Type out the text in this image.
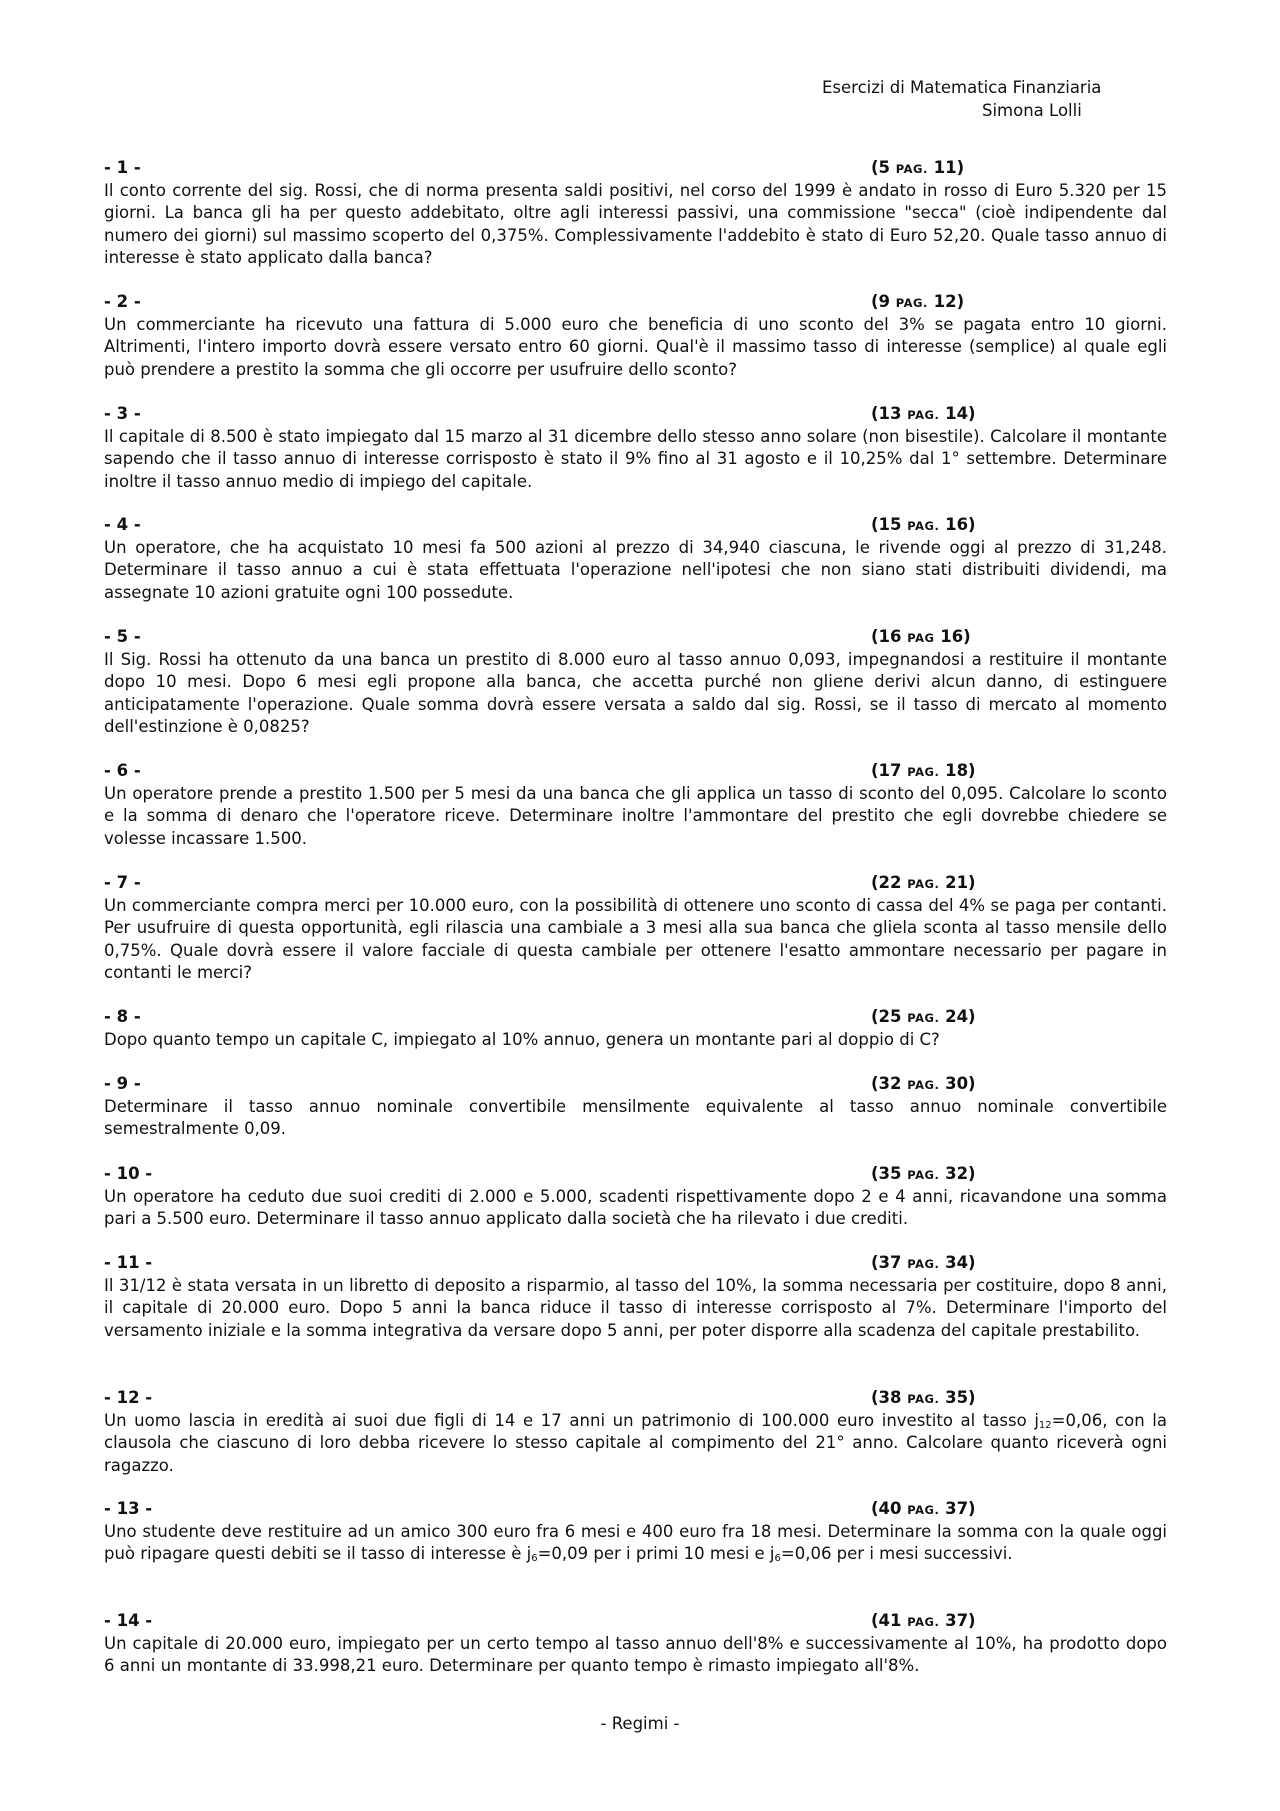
Esercizi di Matematica Finanziaria
Simona Lolli
- 1 -	(5 PAG. 11)
Il conto corrente del sig. Rossi, che di norma presenta saldi positivi, nel corso del 1999 è andato in rosso di Euro 5.320 per 15 giorni. La banca gli ha per questo addebitato, oltre agli interessi passivi, una commissione "secca" (cioè indipendente dal numero dei giorni) sul massimo scoperto del 0,375%. Complessivamente l'addebito è stato di Euro 52,20. Quale tasso annuo di interesse è stato applicato dalla banca?
- 2 -	(9 PAG. 12)
Un commerciante ha ricevuto una fattura di 5.000 euro che beneficia di uno sconto del 3% se pagata entro 10 giorni. Altrimenti, l'intero importo dovrà essere versato entro 60 giorni. Qual'è il massimo tasso di interesse (semplice) al quale egli può prendere a prestito la somma che gli occorre per usufruire dello sconto?
- 3 -	(13 PAG. 14)
Il capitale di 8.500 è stato impiegato dal 15 marzo al 31 dicembre dello stesso anno solare (non bisestile). Calcolare il montante sapendo che il tasso annuo di interesse corrisposto è stato il 9% fino al 31 agosto e il 10,25% dal 1° settembre. Determinare inoltre il tasso annuo medio di impiego del capitale.
- 4 -	(15 PAG. 16)
Un operatore, che ha acquistato 10 mesi fa 500 azioni al prezzo di 34,940 ciascuna, le rivende oggi al prezzo di 31,248. Determinare il tasso annuo a cui è stata effettuata l'operazione nell'ipotesi che non siano stati distribuiti dividendi, ma assegnate 10 azioni gratuite ogni 100 possedute.
- 5 -	(16 PAG 16)
Il Sig. Rossi ha ottenuto da una banca un prestito di 8.000 euro al tasso annuo 0,093, impegnandosi a restituire il montante dopo 10 mesi. Dopo 6 mesi egli propone alla banca, che accetta purché non gliene derivi alcun danno, di estinguere anticipatamente l'operazione. Quale somma dovrà essere versata a saldo dal sig. Rossi, se il tasso di mercato al momento dell'estinzione è 0,0825?
- 6 -	(17 PAG. 18)
Un operatore prende a prestito 1.500 per 5 mesi da una banca che gli applica un tasso di sconto del 0,095. Calcolare lo sconto e la somma di denaro che l'operatore riceve. Determinare inoltre l'ammontare del prestito che egli dovrebbe chiedere se volesse incassare 1.500.
- 7 -	(22 PAG. 21)
Un commerciante compra merci per 10.000 euro, con la possibilità di ottenere uno sconto di cassa del 4% se paga per contanti. Per usufruire di questa opportunità, egli rilascia una cambiale a 3 mesi alla sua banca che gliela sconta al tasso mensile dello 0,75%. Quale dovrà essere il valore facciale di questa cambiale per ottenere l'esatto ammontare necessario per pagare in contanti le merci?
- 8 -	(25 PAG. 24)
Dopo quanto tempo un capitale C, impiegato al 10% annuo, genera un montante pari al doppio di C?
- 9 -	(32 PAG. 30)
Determinare il tasso annuo nominale convertibile mensilmente equivalente al tasso annuo nominale convertibile semestralmente 0,09.
- 10 -	(35 PAG. 32)
Un operatore ha ceduto due suoi crediti di 2.000 e 5.000, scadenti rispettivamente dopo 2 e 4 anni, ricavandone una somma pari a 5.500 euro. Determinare il tasso annuo applicato dalla società che ha rilevato i due crediti.
- 11 -	(37 PAG. 34)
Il 31/12 è stata versata in un libretto di deposito a risparmio, al tasso del 10%, la somma necessaria per costituire, dopo 8 anni, il capitale di 20.000 euro. Dopo 5 anni la banca riduce il tasso di interesse corrisposto al 7%. Determinare l'importo del versamento iniziale e la somma integrativa da versare dopo 5 anni, per poter disporre alla scadenza del capitale prestabilito.
- 12 -	(38 PAG. 35)
Un uomo lascia in eredità ai suoi due figli di 14 e 17 anni un patrimonio di 100.000 euro investito al tasso $j_{12}=0,06$, con la clausola che ciascuno di loro debba ricevere lo stesso capitale al compimento del 21° anno. Calcolare quanto riceverà ogni ragazzo.
- 13 -	(40 PAG. 37)
Uno studente deve restituire ad un amico 300 euro fra 6 mesi e 400 euro fra 18 mesi. Determinare la somma con la quale oggi può ripagare questi debiti se il tasso di interesse è $j_6=0,09$ per i primi 10 mesi e $j_6=0,06$ per i mesi successivi.
- 14 -	(41 PAG. 37)
Un capitale di 20.000 euro, impiegato per un certo tempo al tasso annuo dell'8% e successivamente al 10%, ha prodotto dopo 6 anni un montante di 33.998,21 euro. Determinare per quanto tempo è rimasto impiegato all'8%.
- Regimi -
